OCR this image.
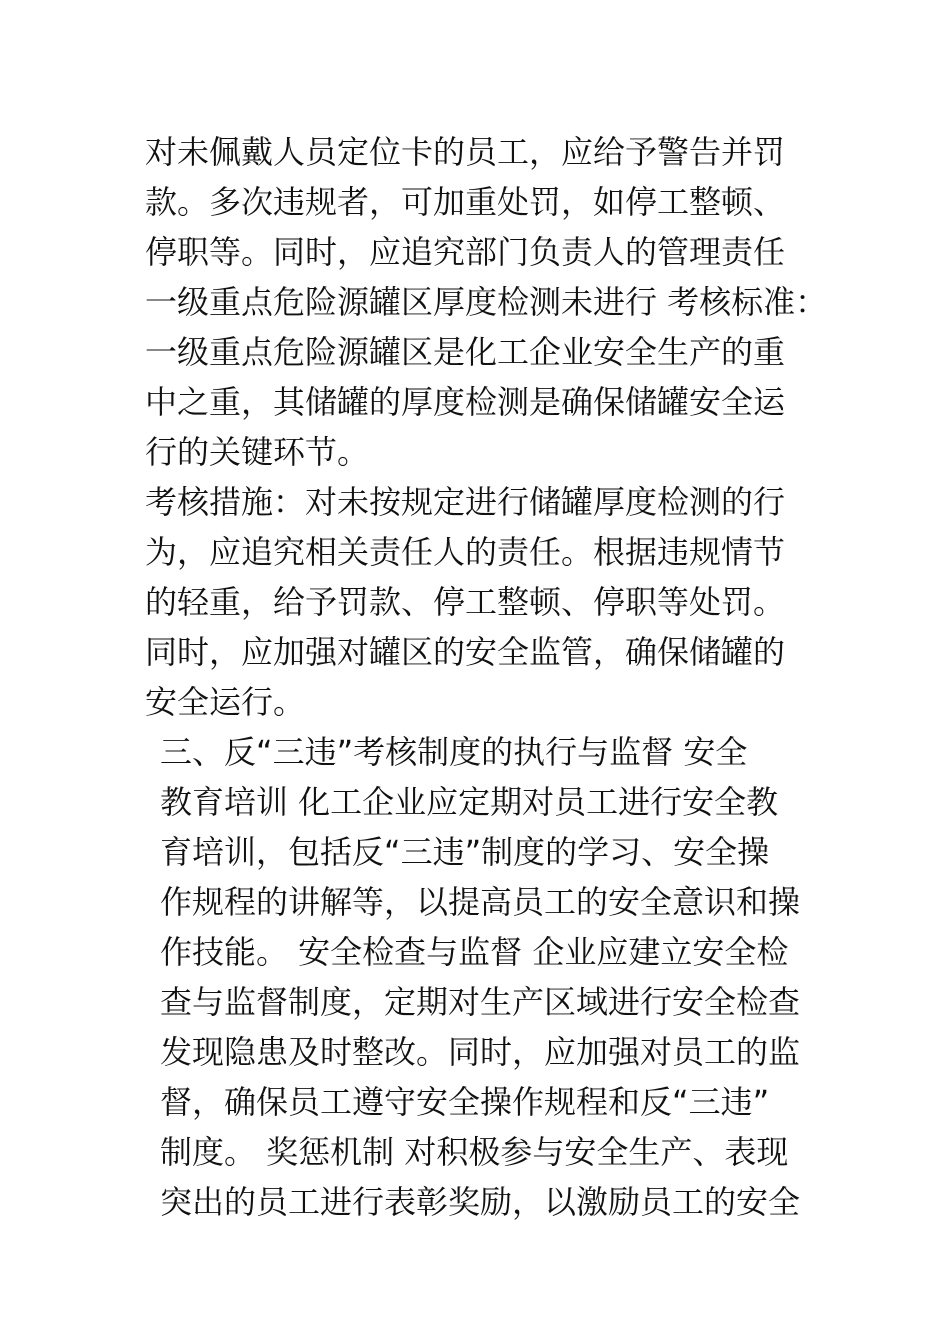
对未佩戴人员定位卡的员工，应给予警告并罚
款。多次违规者，可加重处罚，如停工整顿、
停职等。同时，应追究部门负责人的管理责任
一级重点危险源罐区厚度检测未进行 考核标准：
一级重点危险源罐区是化工企业安全生产的重
中之重，其储罐的厚度检测是确保储罐安全运
行的关键环节。
考核措施：对未按规定进行储罐厚度检测的行
为，应追究相关责任人的责任。根据违规情节
的轻重，给予罚款、停工整顿、停职等处罚。
同时，应加强对罐区的安全监管，确保储罐的
安全运行。
三、反“三违”考核制度的执行与监督 安全
教育培训 化工企业应定期对员工进行安全教
育培训，包括反“三违”制度的学习、安全操
作规程的讲解等，以提高员工的安全意识和操
作技能。 安全检查与监督 企业应建立安全检
查与监督制度，定期对生产区域进行安全检查
发现隐患及时整改。同时，应加强对员工的监
督，确保员工遵守安全操作规程和反“三违”
制度。 奖惩机制 对积极参与安全生产、表现
突出的员工进行表彰奖励，以激励员工的安全
